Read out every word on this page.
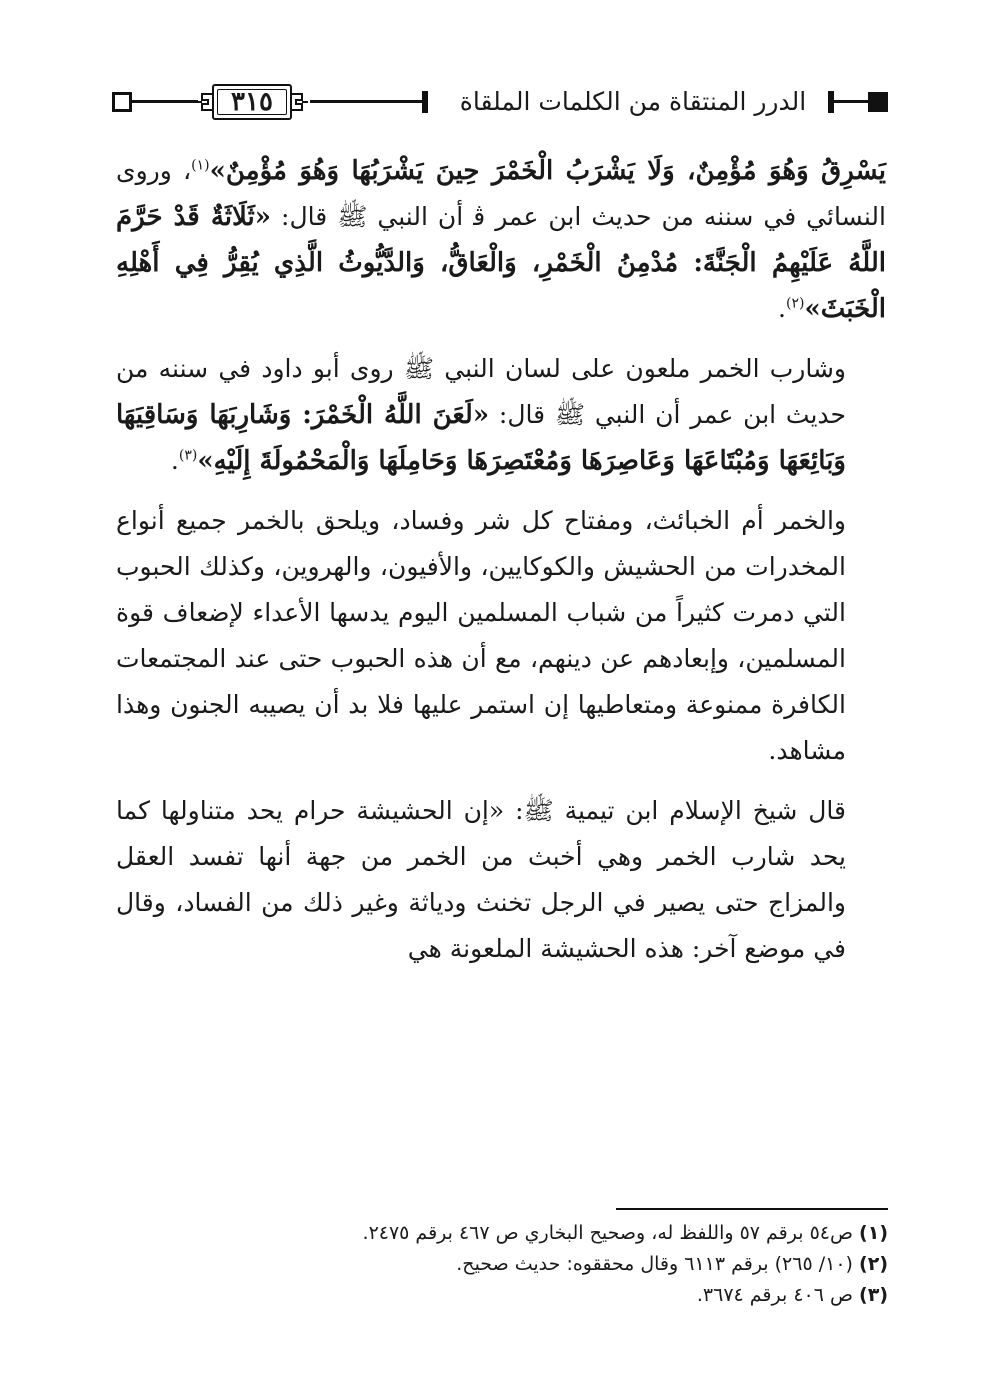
٣١٥	الدرر المنتقاة من الكلمات الملقاة

يَسْرِقُ وَهُوَ مُؤْمِنٌ، وَلَا يَشْرَبُ الْخَمْرَ حِينَ يَشْرَبُهَا وَهُوَ مُؤْمِنٌ»$^{(١)}$، وروى النسائي في سننه من حديث ابن عمر ﭬ أن النبي ﷺ قال: «ثَلَاثَةٌ قَدْ حَرَّمَ اللَّهُ عَلَيْهِمُ الْجَنَّةَ: مُدْمِنُ الْخَمْرِ، وَالْعَاقُّ، وَالدَّيُّوثُ الَّذِي يُقِرُّ فِي أَهْلِهِ الْخَبَثَ»$^{(٢)}$.

وشارب الخمر ملعون على لسان النبي ﷺ روى أبو داود في سننه من حديث ابن عمر أن النبي ﷺ قال: «لَعَنَ اللَّهُ الْخَمْرَ: وَشَارِبَهَا وَسَاقِيَهَا وَبَائِعَهَا وَمُبْتَاعَهَا وَعَاصِرَهَا وَمُعْتَصِرَهَا وَحَامِلَهَا وَالْمَحْمُولَةَ إِلَيْهِ»$^{(٣)}$.

والخمر أم الخبائث، ومفتاح كل شر وفساد، ويلحق بالخمر جميع أنواع المخدرات من الحشيش والكوكايين، والأفيون، والهروين، وكذلك الحبوب التي دمرت كثيراً من شباب المسلمين اليوم يدسها الأعداء لإضعاف قوة المسلمين، وإبعادهم عن دينهم، مع أن هذه الحبوب حتى عند المجتمعات الكافرة ممنوعة ومتعاطيها إن استمر عليها فلا بد أن يصيبه الجنون وهذا مشاهد.

قال شيخ الإسلام ابن تيمية ﷺ: «إن الحشيشة حرام يحد متناولها كما يحد شارب الخمر وهي أخبث من الخمر من جهة أنها تفسد العقل والمزاج حتى يصير في الرجل تخنث ودياثة وغير ذلك من الفساد، وقال في موضع آخر: هذه الحشيشة الملعونة هي

(١) ص٥٤ برقم ٥٧ واللفظ له، وصحيح البخاري ص ٤٦٧ برقم ٢٤٧٥.

(٢) (١٠/ ٢٦٥) برقم ٦١١٣ وقال محققوه: حديث صحيح.

(٣) ص ٤٠٦ برقم ٣٦٧٤.
